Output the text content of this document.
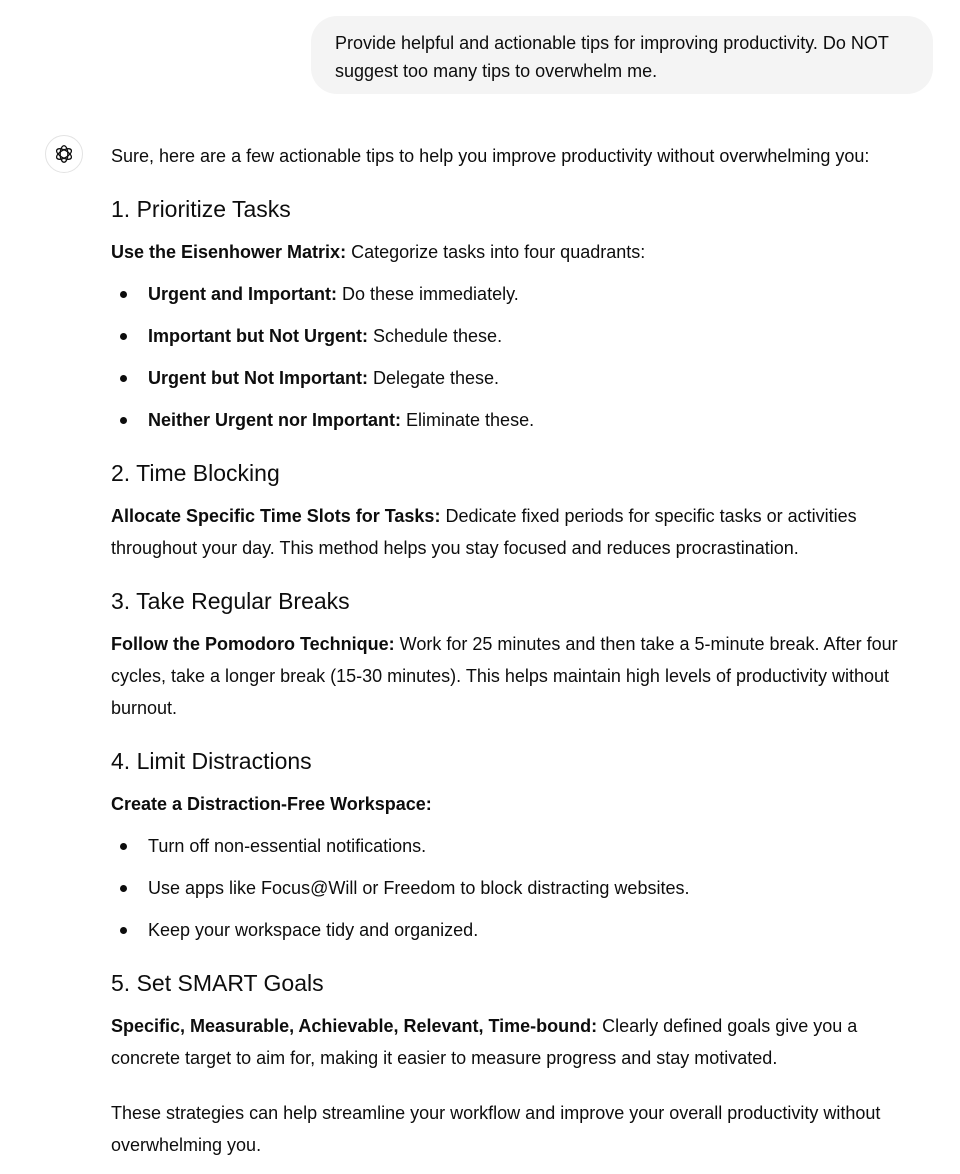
Provide helpful and actionable tips for improving productivity. Do NOT suggest too many tips to overwhelm me.

Sure, here are a few actionable tips to help you improve productivity without overwhelming you:

1. Prioritize Tasks

Use the Eisenhower Matrix: Categorize tasks into four quadrants:

Urgent and Important: Do these immediately.
Important but Not Urgent: Schedule these.
Urgent but Not Important: Delegate these.
Neither Urgent nor Important: Eliminate these.
2. Time Blocking

Allocate Specific Time Slots for Tasks: Dedicate fixed periods for specific tasks or activities throughout your day. This method helps you stay focused and reduces procrastination.

3. Take Regular Breaks

Follow the Pomodoro Technique: Work for 25 minutes and then take a 5-minute break. After four cycles, take a longer break (15-30 minutes). This helps maintain high levels of productivity without burnout.

4. Limit Distractions

Create a Distraction-Free Workspace:

Turn off non-essential notifications.
Use apps like Focus@Will or Freedom to block distracting websites.
Keep your workspace tidy and organized.
5. Set SMART Goals

Specific, Measurable, Achievable, Relevant, Time-bound: Clearly defined goals give you a concrete target to aim for, making it easier to measure progress and stay motivated.

These strategies can help streamline your workflow and improve your overall productivity without overwhelming you.
